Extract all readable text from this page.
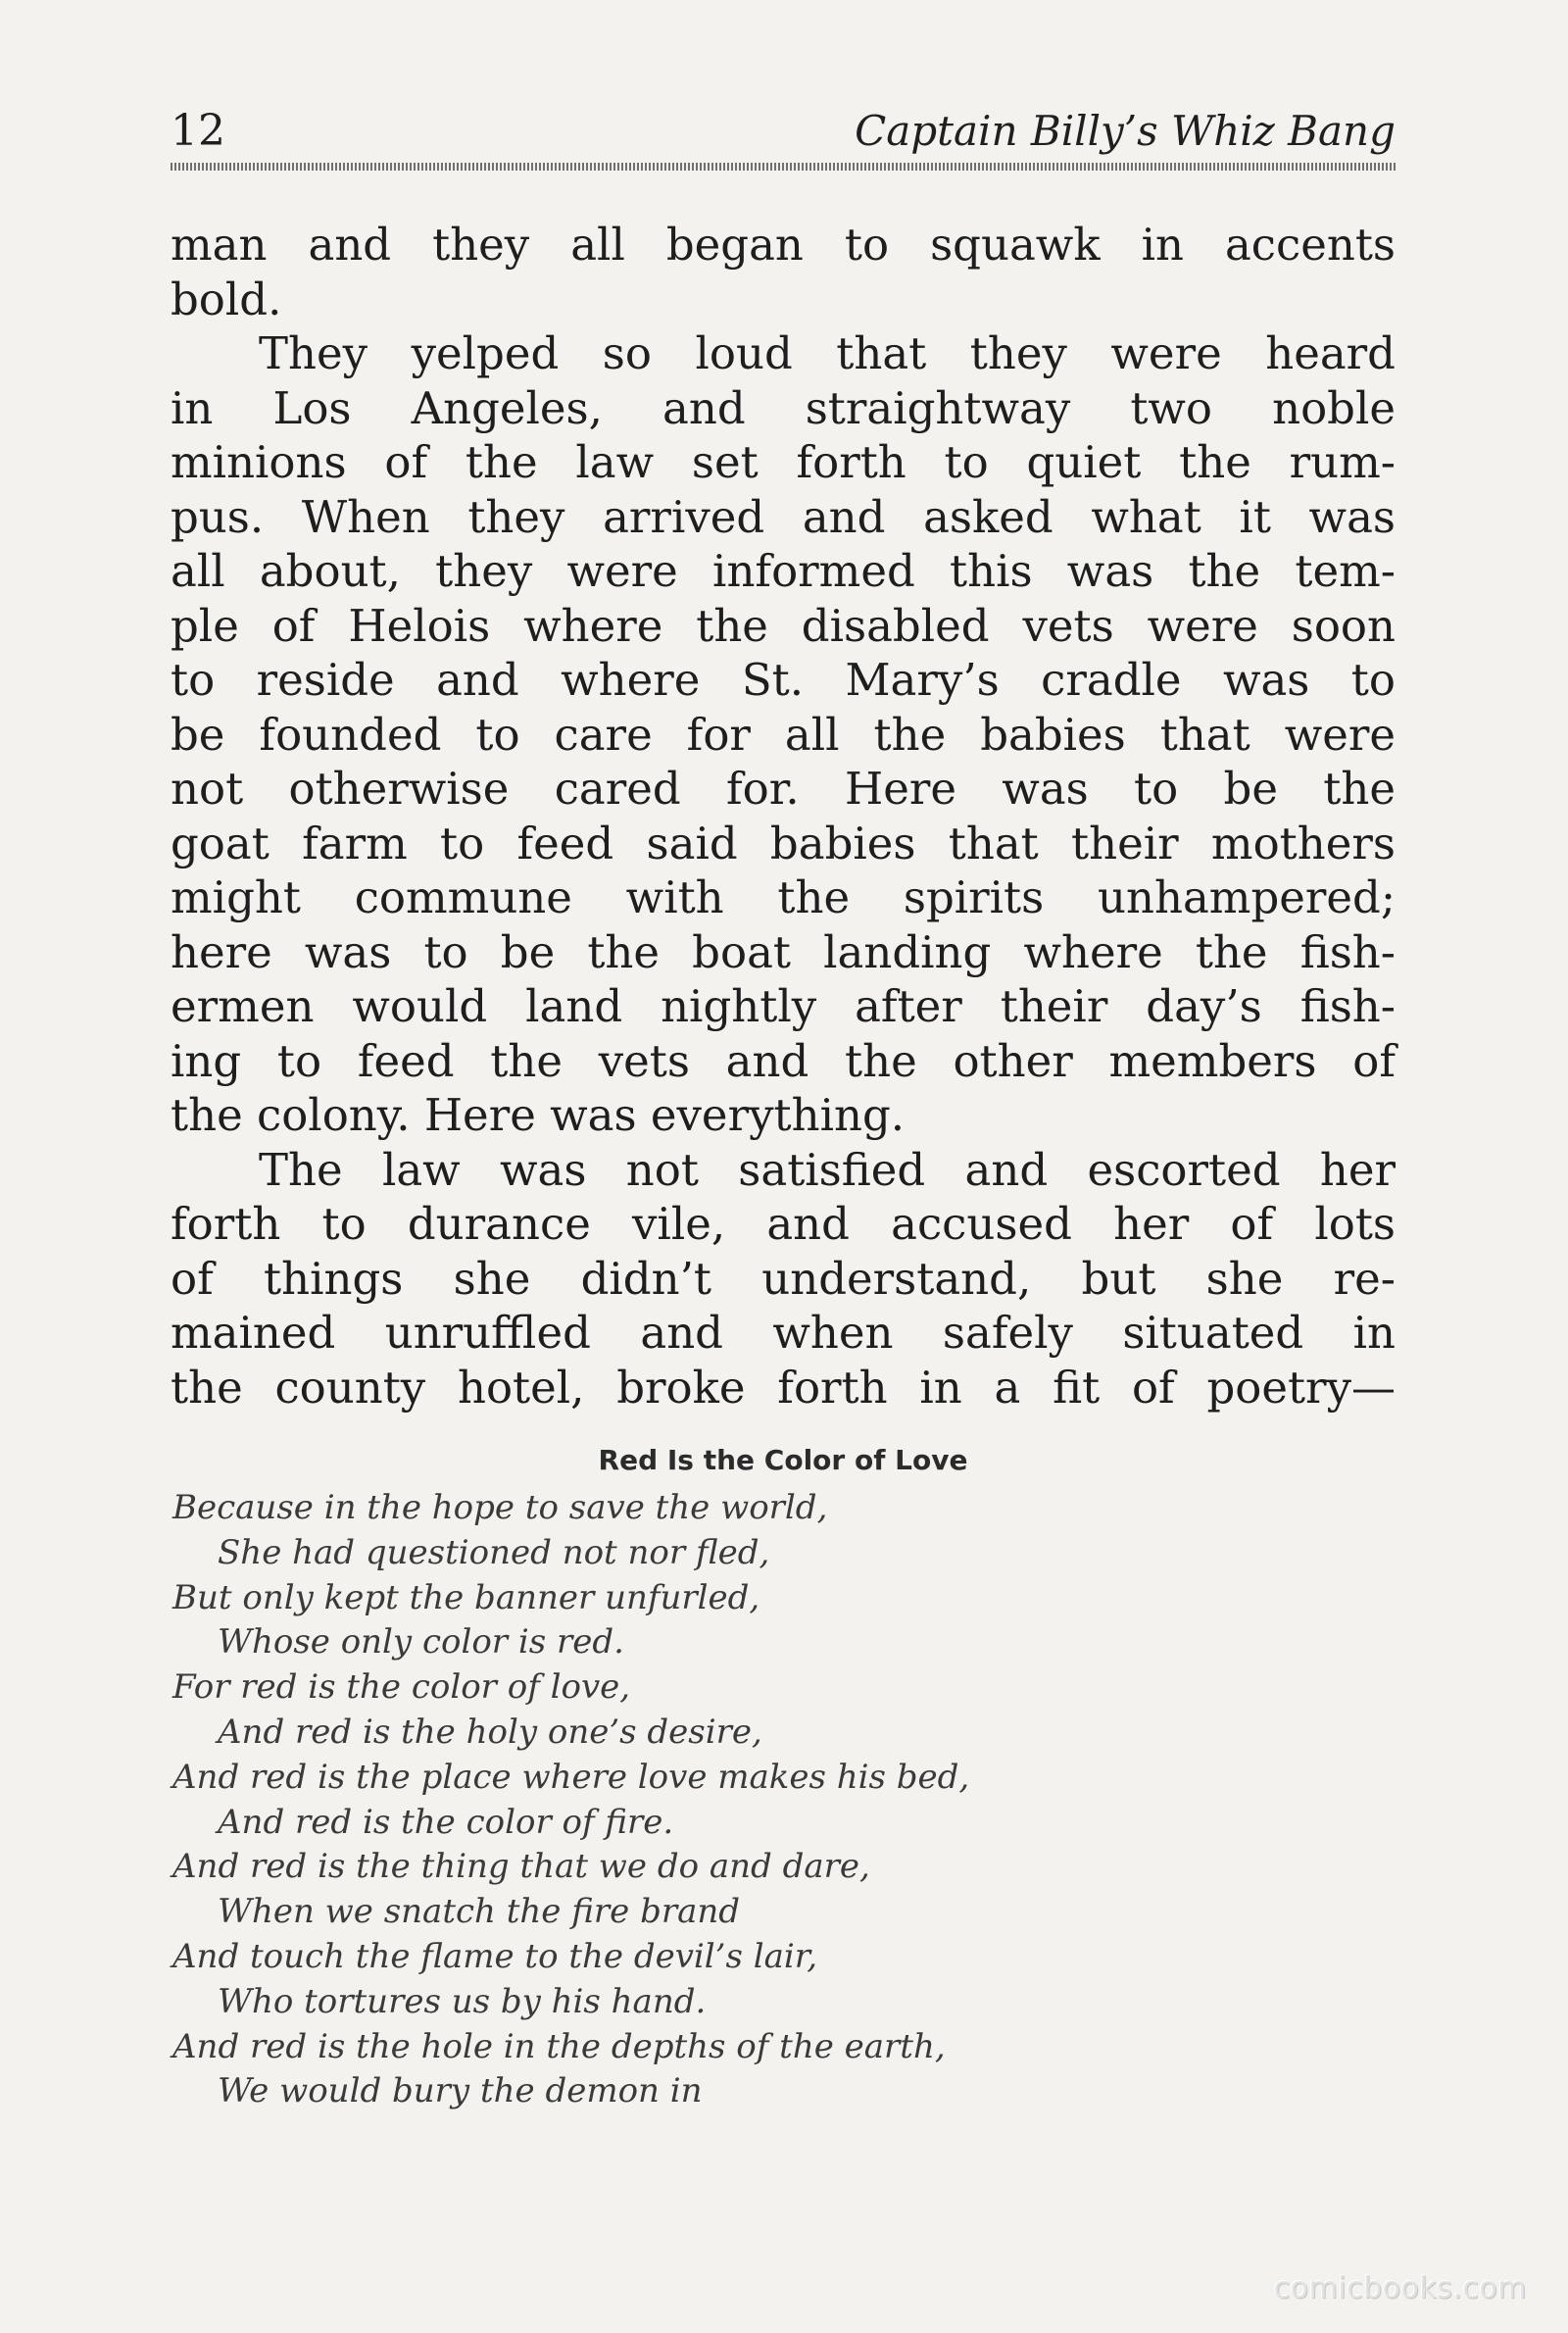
12	Captain Billy’s Whiz Bang
man and they all began to squawk in accents
bold.
They yelped so loud that they were heard
in Los Angeles, and straightway two noble
minions of the law set forth to quiet the rum-
pus. When they arrived and asked what it was
all about, they were informed this was the tem-
ple of Helois where the disabled vets were soon
to reside and where St. Mary’s cradle was to
be founded to care for all the babies that were
not otherwise cared for. Here was to be the
goat farm to feed said babies that their mothers
might commune with the spirits unhampered;
here was to be the boat landing where the fish-
ermen would land nightly after their day’s fish-
ing to feed the vets and the other members of
the colony. Here was everything.
The law was not satisfied and escorted her
forth to durance vile, and accused her of lots
of things she didn’t understand, but she re-
mained unruffled and when safely situated in
the county hotel, broke forth in a fit of poetry—
Red Is the Color of Love
Because in the hope to save the world,
She had questioned not nor fled,
But only kept the banner unfurled,
Whose only color is red.
For red is the color of love,
And red is the holy one’s desire,
And red is the place where love makes his bed,
And red is the color of fire.
And red is the thing that we do and dare,
When we snatch the fire brand
And touch the flame to the devil’s lair,
Who tortures us by his hand.
And red is the hole in the depths of the earth,
We would bury the demon in
comicbooks.com
